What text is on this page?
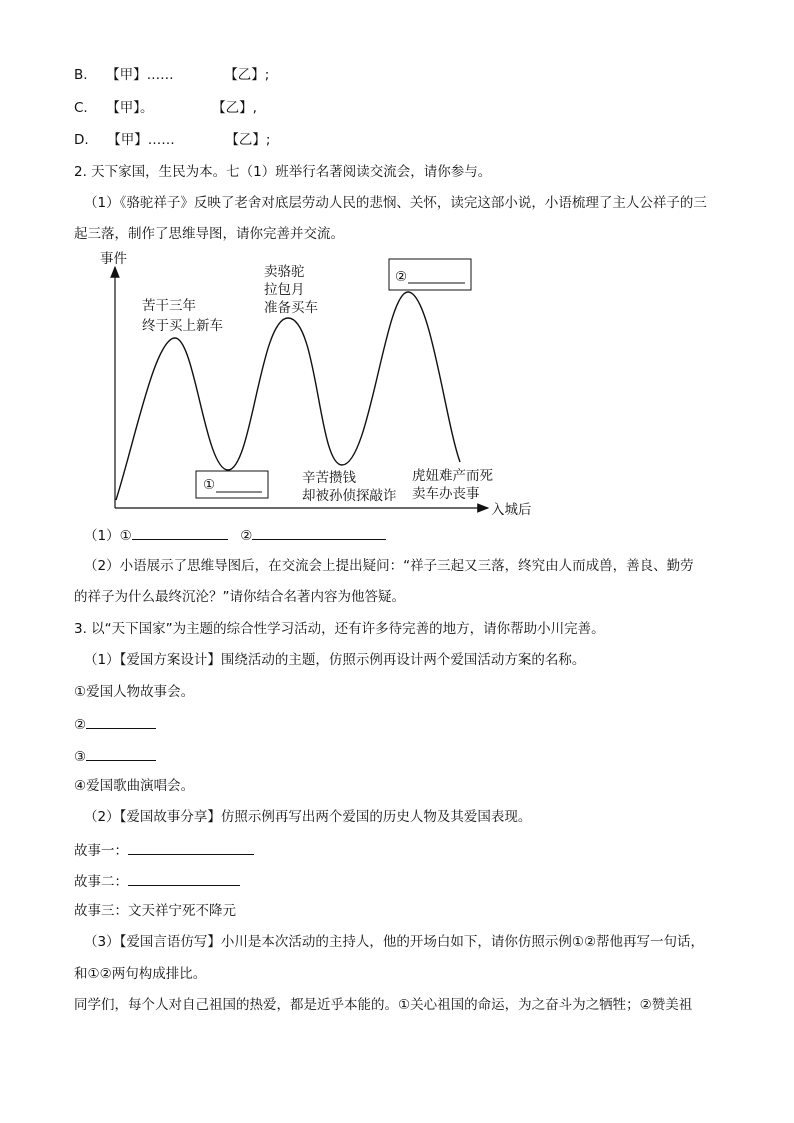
B. 【甲】……	【乙】;
C. 【甲】。	【乙】,
D. 【甲】……	【乙】;
2. 天下家国，生民为本。七（1）班举行名著阅读交流会，请你参与。
（1）《骆驼祥子》反映了老舍对底层劳动人民的悲悯、关怀，读完这部小说，小语梳理了主人公祥子的三
起三落，制作了思维导图，请你完善并交流。
事件
入城后
苦干三年
终于买上新车
卖骆驼
拉包月
准备买车
②
①	辛苦攒钱
却被孙侦探敲诈
虎妞难产而死
卖车办丧事
（1）①	②
（2）小语展示了思维导图后，在交流会上提出疑问：“祥子三起又三落，终究由人而成兽，善良、勤劳
的祥子为什么最终沉沦？”请你结合名著内容为他答疑。
3. 以“天下国家”为主题的综合性学习活动，还有许多待完善的地方，请你帮助小川完善。
（1）【爱国方案设计】围绕活动的主题，仿照示例再设计两个爱国活动方案的名称。
①爱国人物故事会。
②
③
④爱国歌曲演唱会。
（2）【爱国故事分享】仿照示例再写出两个爱国的历史人物及其爱国表现。
故事一：
故事二：
故事三：文天祥宁死不降元
（3）【爱国言语仿写】小川是本次活动的主持人，他的开场白如下，请你仿照示例①②帮他再写一句话，
和①②两句构成排比。
同学们，每个人对自己祖国的热爱，都是近乎本能的。①关心祖国的命运，为之奋斗为之牺牲；②赞美祖
